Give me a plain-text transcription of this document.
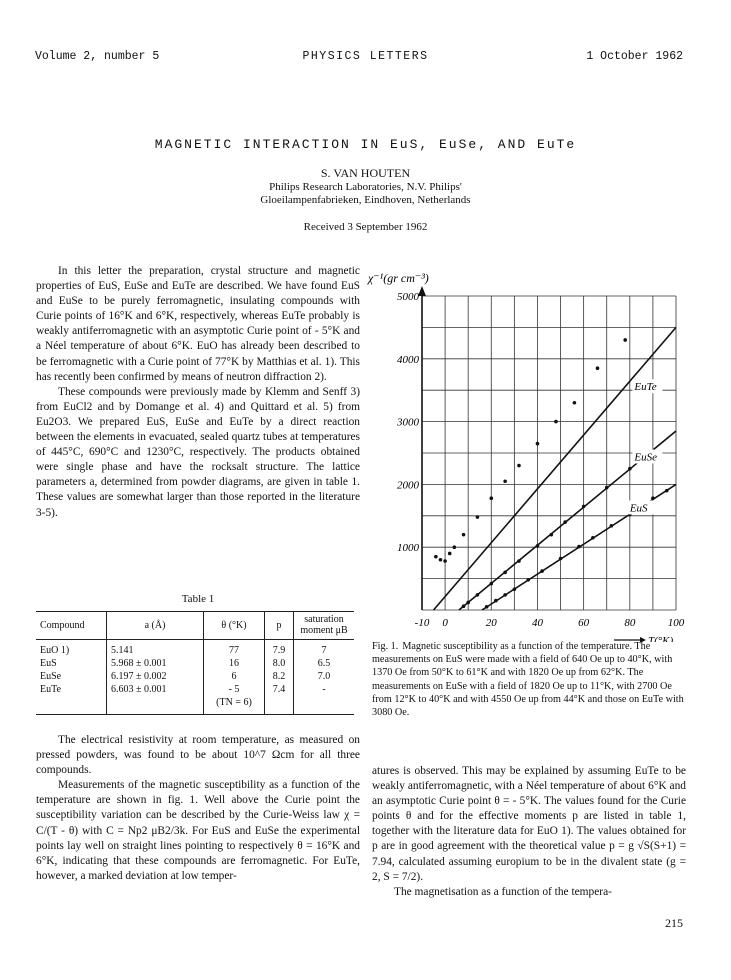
Volume 2, number 5	PHYSICS LETTERS	1 October 1962
MAGNETIC INTERACTION IN EuS, EuSe, AND EuTe
S. VAN HOUTEN
Philips Research Laboratories, N.V. Philips'
Gloeilampenfabrieken, Eindhoven, Netherlands
Received 3 September 1962

In this letter the preparation, crystal structure and magnetic properties of EuS, EuSe and EuTe are described. We have found EuS and EuSe to be purely ferromagnetic, insulating compounds with Curie points of 16°K and 6°K, respectively, whereas EuTe probably is weakly antiferromagnetic with an asymptotic Curie point of - 5°K and a Néel temperature of about 6°K. EuO has already been described to be ferromagnetic with a Curie point of 77°K by Matthias et al. 1). This has recently been confirmed by means of neutron diffraction 2).

These compounds were previously made by Klemm and Senff 3) from EuCl2 and by Domange et al. 4) and Quittard et al. 5) from Eu2O3. We prepared EuS, EuSe and EuTe by a direct reaction between the elements in evacuated, sealed quartz tubes at temperatures of 445°C, 690°C and 1230°C, respectively. The products obtained were single phase and have the rocksalt structure. The lattice parameters a, determined from powder diagrams, are given in table 1. These values are somewhat larger than those reported in the literature 3-5).

Table 1
Compound	a (Å)	θ (°K)	p	saturation moment μB
EuO 1)	5.141	77	7.9	7
EuS	5.968 ± 0.001	16	8.0	6.5
EuSe	6.197 ± 0.002	6	8.2	7.0
EuTe	6.603 ± 0.001	- 5	7.4	-
		(TN = 6)		

The electrical resistivity at room temperature, as measured on pressed powders, was found to be about 10^7 Ωcm for all three compounds.

Measurements of the magnetic susceptibility as a function of the temperature are shown in fig. 1. Well above the Curie point the susceptibility variation can be described by the Curie-Weiss law χ = C/(T - θ) with C = Np2 μB2/3k. For EuS and EuSe the experimental points lay well on straight lines pointing to respectively θ = 16°K and 6°K, indicating that these compounds are ferromagnetic. For EuTe, however, a marked deviation at low temper-

1000
2000
3000
4000
5000
-10 0	20	40	60	80	100
χ⁻¹(gr cm⁻³)
T(°K)
EuTe
EuSe
EuS
Fig. 1. Magnetic susceptibility as a function of the temperature. The measurements on EuS were made with a field of 640 Oe up to 40°K, with 1370 Oe from 50°K to 61°K and with 1820 Oe up from 62°K. The measurements on EuSe with a field of 1820 Oe up to 11°K, with 2700 Oe from 12°K to 40°K and with 4550 Oe up from 44°K and those on EuTe with 3080 Oe.

atures is observed. This may be explained by assuming EuTe to be weakly antiferromagnetic, with a Néel temperature of about 6°K and an asymptotic Curie point θ = - 5°K. The values found for the Curie points θ and for the effective moments p are listed in table 1, together with the literature data for EuO 1). The values obtained for p are in good agreement with the theoretical value p = g √S(S+1) = 7.94, calculated assuming europium to be in the divalent state (g = 2, S = 7/2).

The magnetisation as a function of the tempera-

215
